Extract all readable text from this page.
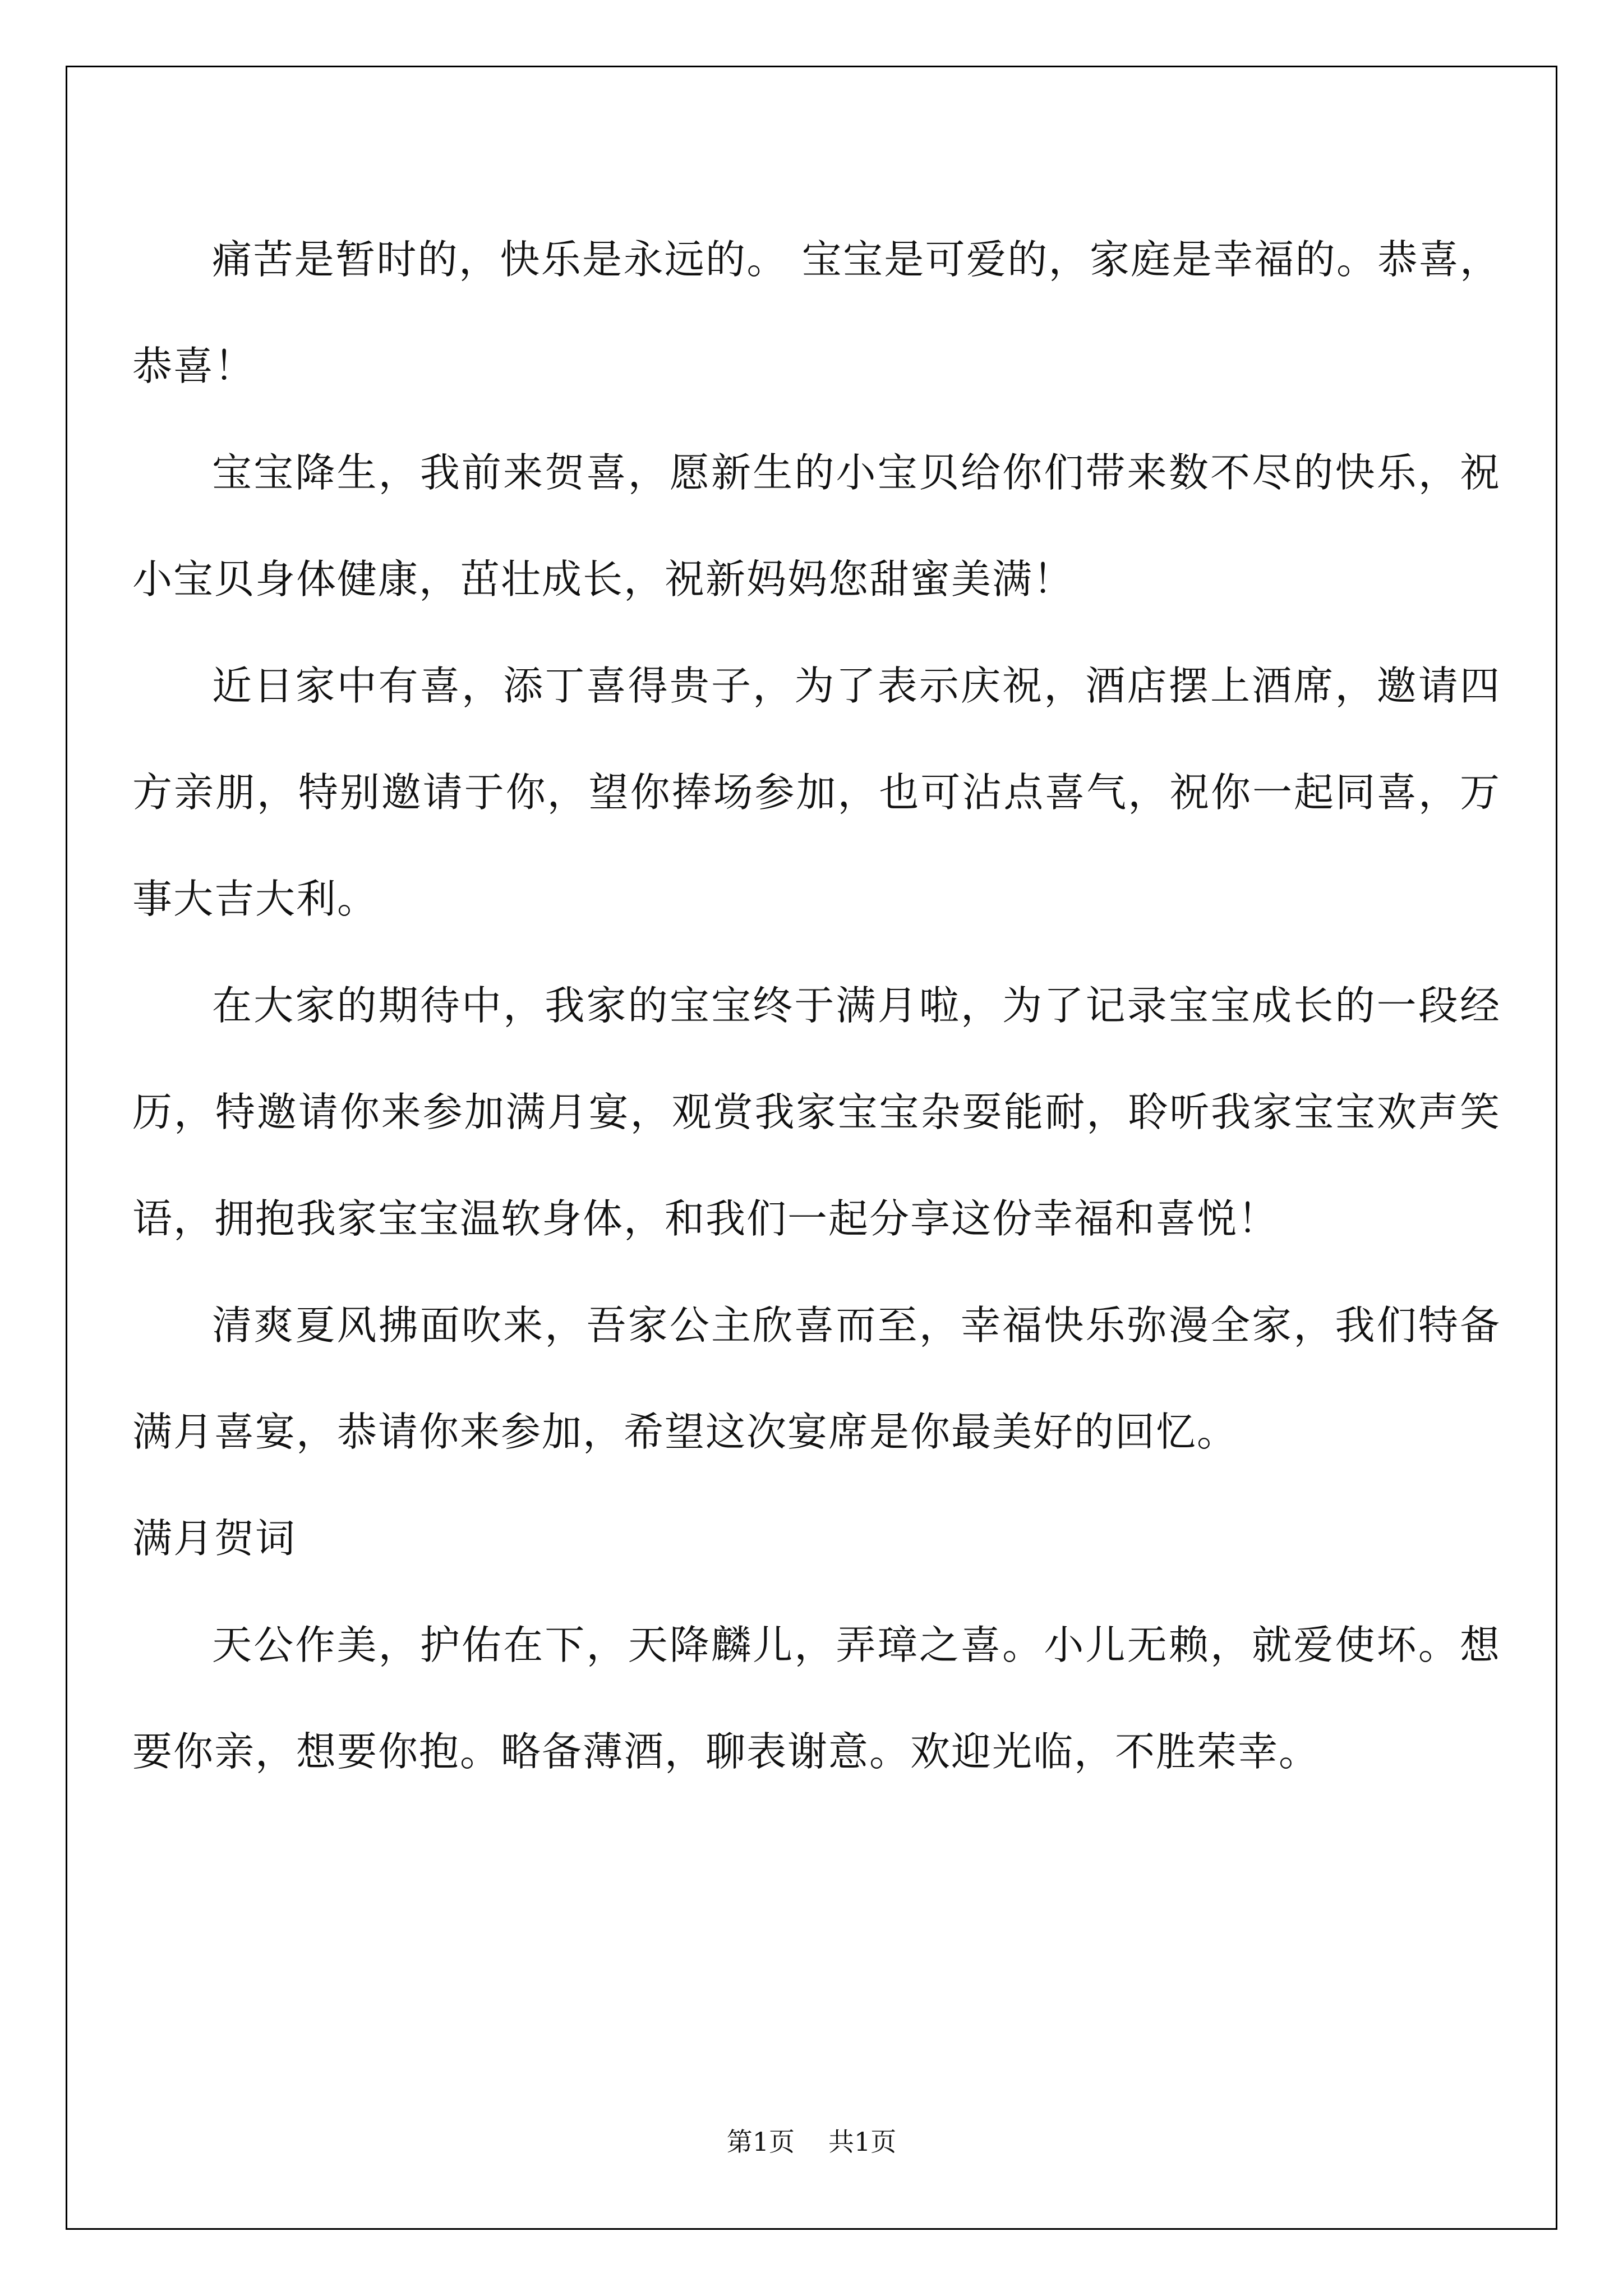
痛苦是暂时的，快乐是永远的。 宝宝是可爱的，家庭是幸福的。恭喜，恭喜！

宝宝降生，我前来贺喜，愿新生的小宝贝给你们带来数不尽的快乐，祝小宝贝身体健康，茁壮成长，祝新妈妈您甜蜜美满！

近日家中有喜，添丁喜得贵子，为了表示庆祝，酒店摆上酒席，邀请四方亲朋，特别邀请于你，望你捧场参加，也可沾点喜气，祝你一起同喜，万事大吉大利。

在大家的期待中，我家的宝宝终于满月啦，为了记录宝宝成长的一段经历，特邀请你来参加满月宴，观赏我家宝宝杂耍能耐，聆听我家宝宝欢声笑语，拥抱我家宝宝温软身体，和我们一起分享这份幸福和喜悦！

清爽夏风拂面吹来，吾家公主欣喜而至，幸福快乐弥漫全家，我们特备满月喜宴，恭请你来参加，希望这次宴席是你最美好的回忆。

满月贺词

天公作美，护佑在下，天降麟儿，弄璋之喜。小儿无赖，就爱使坏。想要你亲，想要你抱。略备薄酒，聊表谢意。欢迎光临，不胜荣幸。

第1页 共1页
